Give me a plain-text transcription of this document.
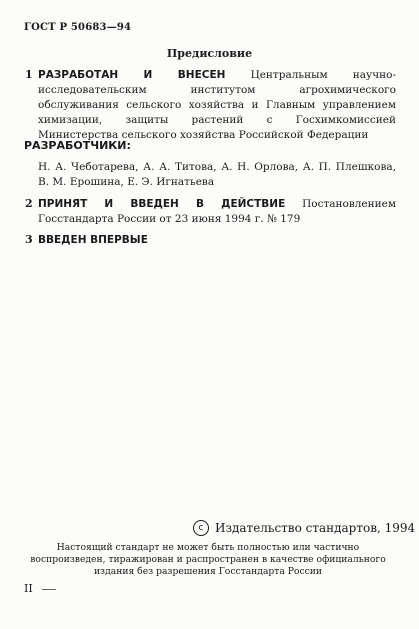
ГОСТ Р 50683—94
Предисловие
1 РАЗРАБОТАН И ВНЕСЕН Центральным научно-исследовательским институтом агрохимического обслуживания сельского хозяйства и Главным управлением химизации, защиты растений с Госхимкомиссией Министерства сельского хозяйства Российской Федерации
РАЗРАБОТЧИКИ:
Н. А. Чеботарева, А. А. Титова, А. Н. Орлова, А. П. Плешкова, В. М. Ерошина, Е. Э. Игнатьева
2 ПРИНЯТ И ВВЕДЕН В ДЕЙСТВИЕ Постановлением Госстандарта России от 23 июня 1994 г. № 179
3 ВВЕДЕН ВПЕРВЫЕ
c Издательство стандартов, 1994
Настоящий стандарт не может быть полностью или частично воспроизведен, тиражирован и распространен в качестве официального издания без разрешения Госстандарта России
II
